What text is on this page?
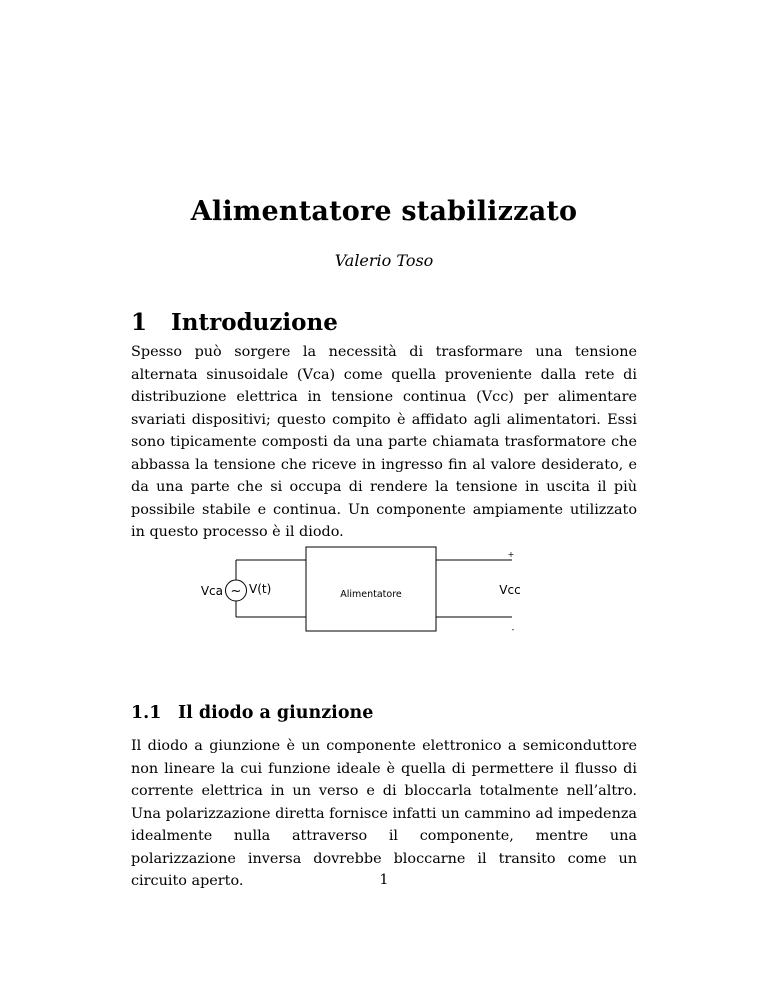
Alimentatore stabilizzato

Valerio Toso

1 Introduzione

Spesso può sorgere la necessità di trasformare una tensione alternata sinusoidale (Vca) come quella proveniente dalla rete di distribuzione elettrica in tensione continua (Vcc) per alimentare svariati dispositivi; questo compito è affidato agli alimentatori. Essi sono tipicamente composti da una parte chiamata trasformatore che abbassa la tensione che riceve in ingresso fin al valore desiderato, e da una parte che si occupa di rendere la tensione in uscita il più possibile stabile e continua. Un componente ampiamente utilizzato in questo processo è il diodo.

~
Vca V(t)	Alimentatore	Vcc
+
-
1.1 Il diodo a giunzione

Il diodo a giunzione è un componente elettronico a semiconduttore non lineare la cui funzione ideale è quella di permettere il flusso di corrente elettrica in un verso e di bloccarla totalmente nell’altro. Una polarizzazione diretta fornisce infatti un cammino ad impedenza idealmente nulla attraverso il componente, mentre una polarizzazione inversa dovrebbe bloccarne il transito come un circuito aperto.	1
